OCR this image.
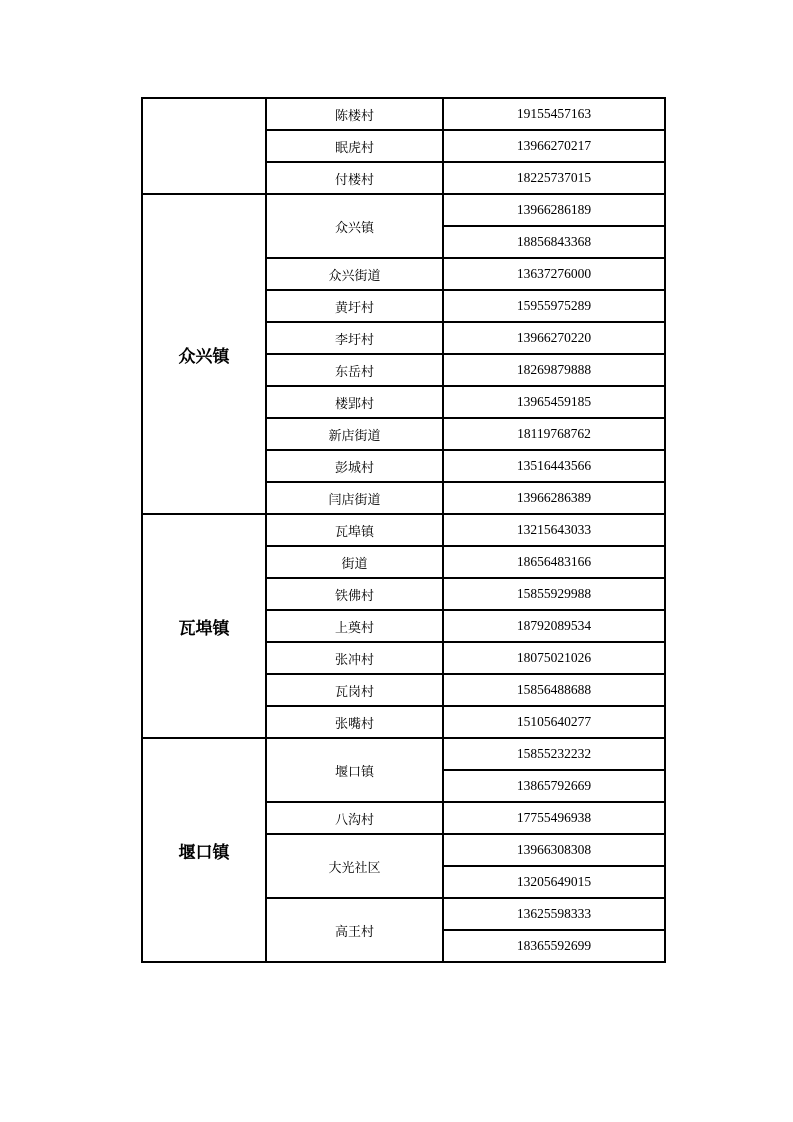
	陈楼村	19155457163
	眠虎村	13966270217
	付楼村	18225737015
众兴镇	众兴镇	13966286189
		18856843368
	众兴街道	13637276000
	黄圩村	15955975289
	李圩村	13966270220
	东岳村	18269879888
	楼郢村	13965459185
	新店街道	18119768762
	彭城村	13516443566
	闫店街道	13966286389
瓦埠镇	瓦埠镇	13215643033
	街道	18656483166
	铁佛村	15855929988
	上奠村	18792089534
	张冲村	18075021026
	瓦岗村	15856488688
	张嘴村	15105640277
堰口镇	堰口镇	15855232232
		13865792669
	八沟村	17755496938
	大光社区	13966308308
		13205649015
	高王村	13625598333
		18365592699
